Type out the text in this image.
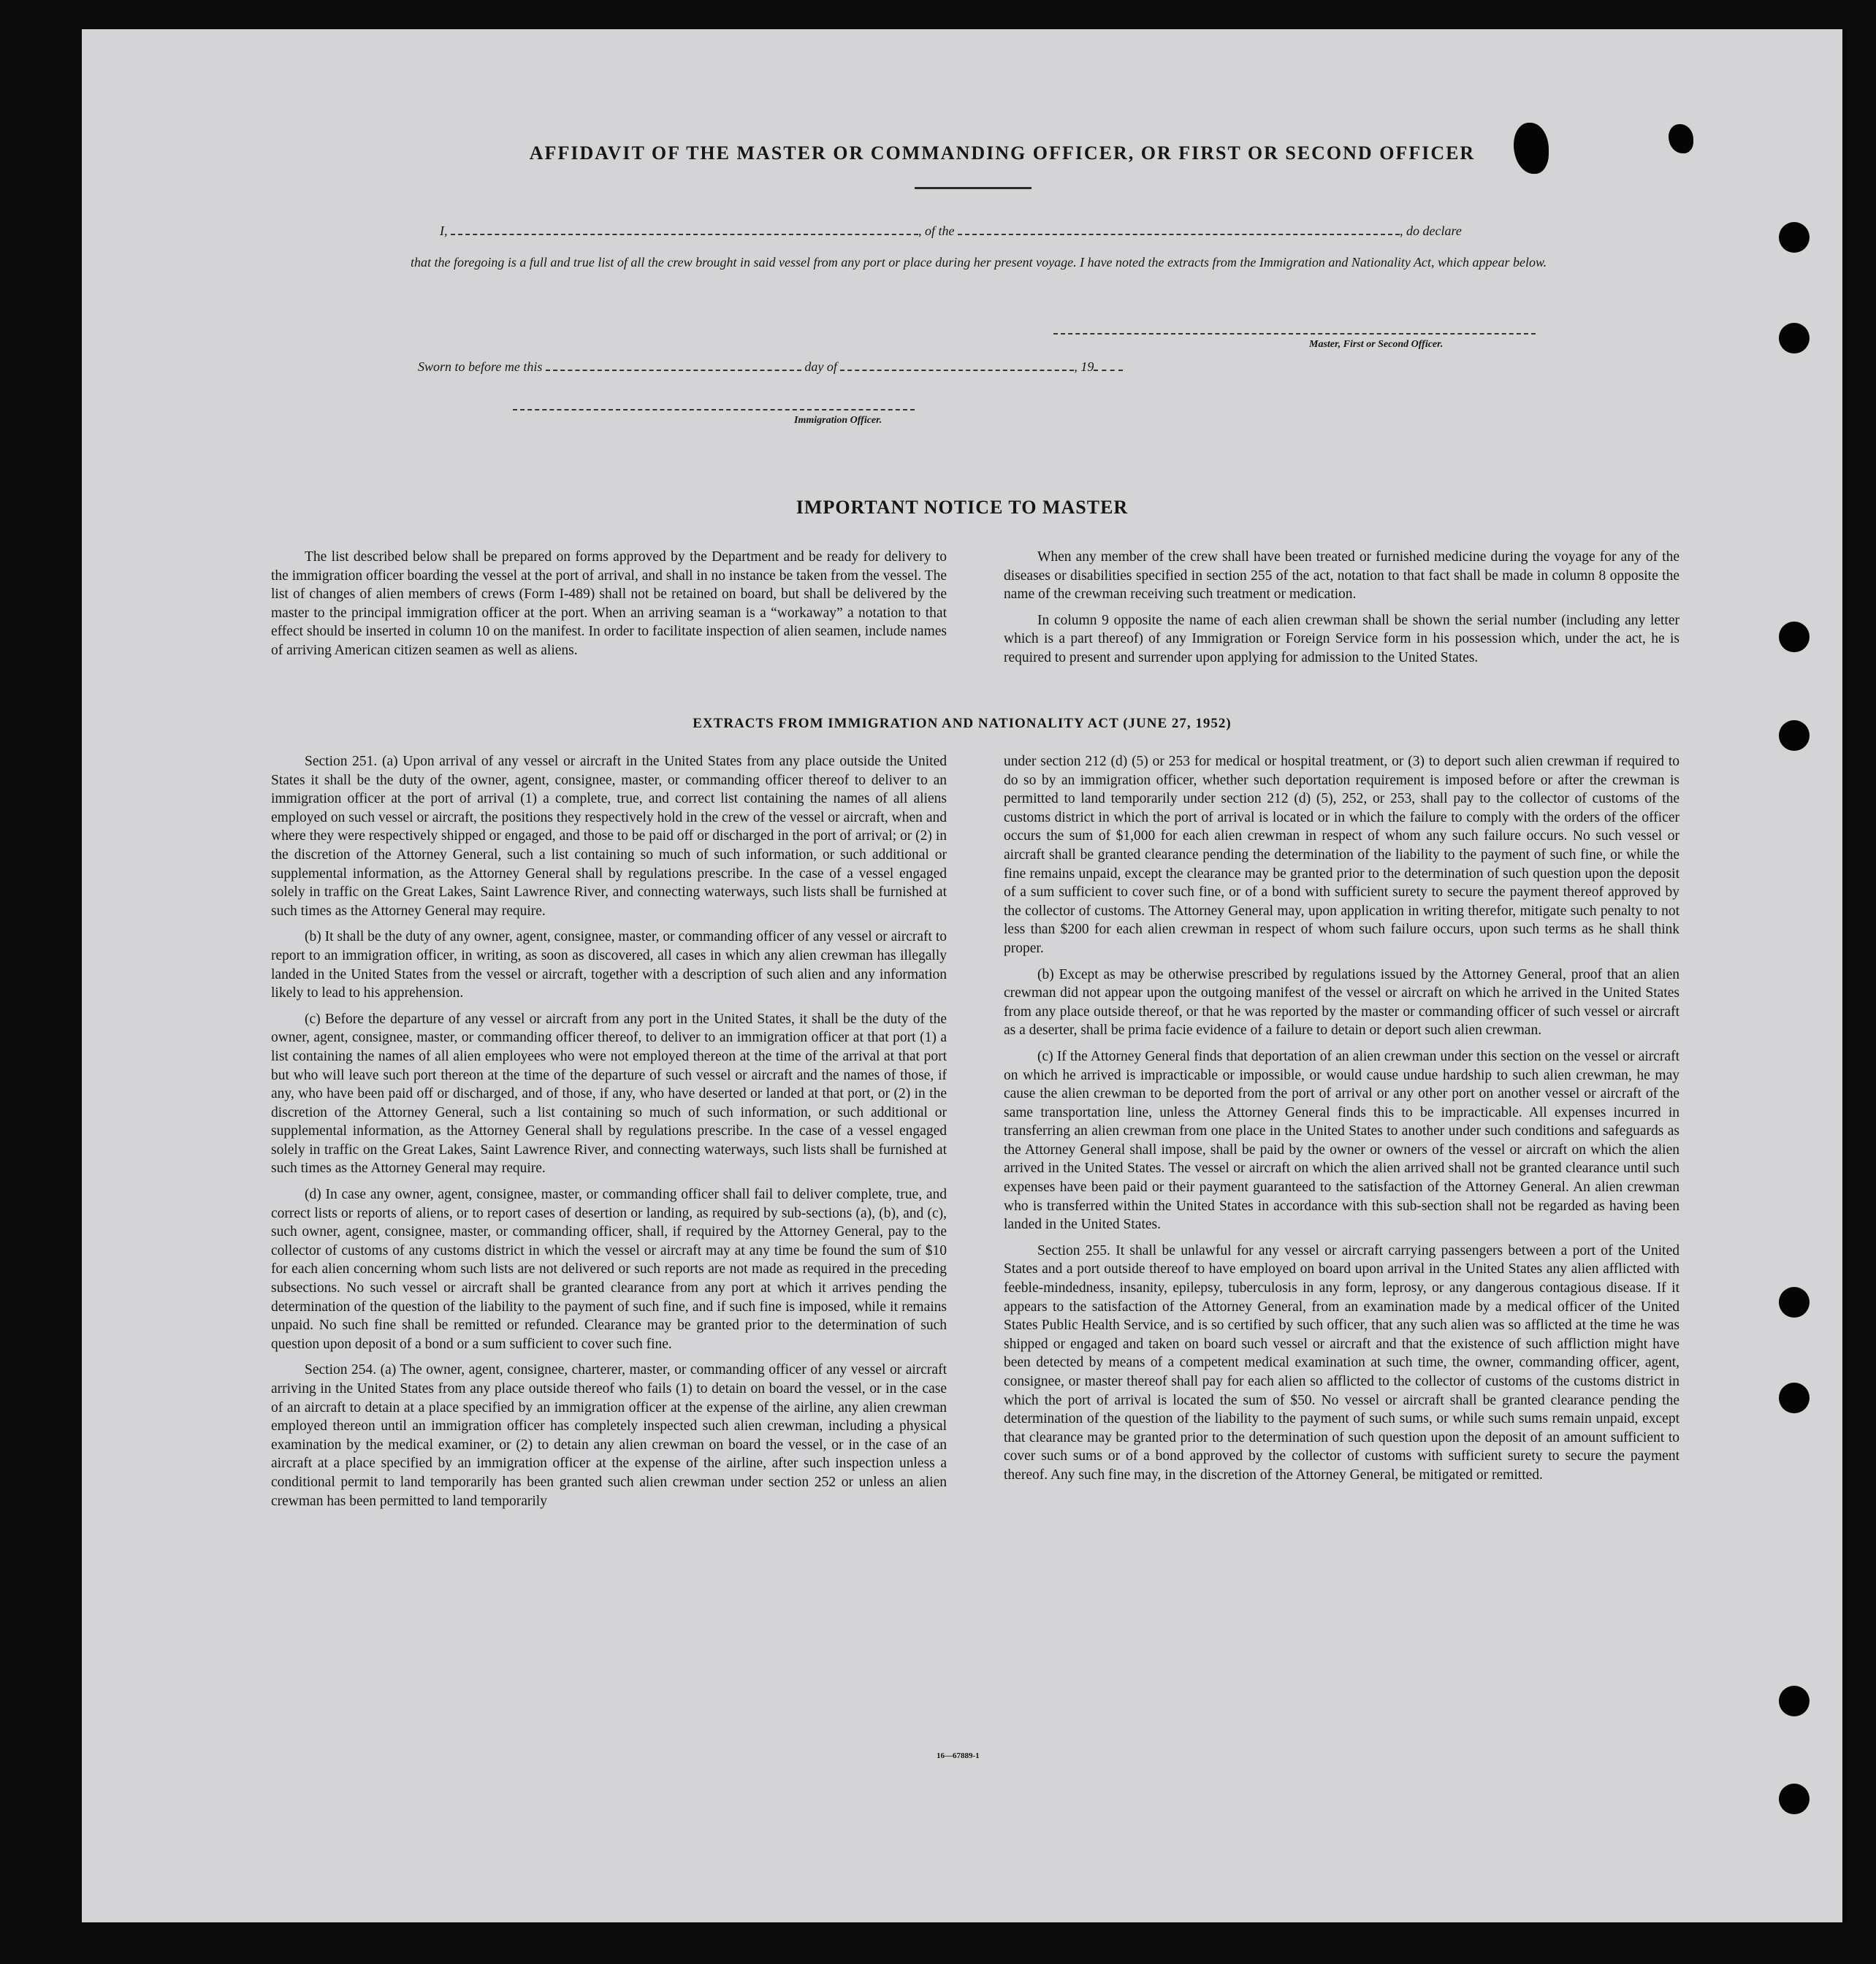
AFFIDAVIT OF THE MASTER OR COMMANDING OFFICER, OR FIRST OR SECOND OFFICER
I,	, of the	, do declare
that the foregoing is a full and true list of all the crew brought in said vessel from any port or place during her present voyage. I have noted the extracts from the Immigration and Nationality Act, which appear below.
Master, First or Second Officer.
Sworn to before me this	day of	, 19
Immigration Officer.
IMPORTANT NOTICE TO MASTER

The list described below shall be prepared on forms approved by the Department and be ready for delivery to the immigration officer boarding the vessel at the port of arrival, and shall in no instance be taken from the vessel. The list of changes of alien members of crews (Form I-489) shall not be retained on board, but shall be delivered by the master to the principal immigration officer at the port. When an arriving seaman is a “workaway” a notation to that effect should be inserted in column 10 on the manifest. In order to facilitate inspection of alien seamen, include names of arriving American citizen seamen as well as aliens.

When any member of the crew shall have been treated or furnished medicine during the voyage for any of the diseases or disabilities specified in section 255 of the act, notation to that fact shall be made in column 8 opposite the name of the crewman receiving such treatment or medication.

In column 9 opposite the name of each alien crewman shall be shown the serial number (including any letter which is a part thereof) of any Immigration or Foreign Service form in his possession which, under the act, he is required to present and surrender upon applying for admission to the United States.

EXTRACTS FROM IMMIGRATION AND NATIONALITY ACT (JUNE 27, 1952)

Section 251. (a) Upon arrival of any vessel or aircraft in the United States from any place outside the United States it shall be the duty of the owner, agent, consignee, master, or commanding officer thereof to deliver to an immigration officer at the port of arrival (1) a complete, true, and correct list containing the names of all aliens employed on such vessel or aircraft, the positions they respectively hold in the crew of the vessel or aircraft, when and where they were respectively shipped or engaged, and those to be paid off or discharged in the port of arrival; or (2) in the discretion of the Attorney General, such a list containing so much of such information, or such additional or supplemental information, as the Attorney General shall by regulations prescribe. In the case of a vessel engaged solely in traffic on the Great Lakes, Saint Lawrence River, and connecting waterways, such lists shall be furnished at such times as the Attorney General may require.

(b) It shall be the duty of any owner, agent, consignee, master, or commanding officer of any vessel or aircraft to report to an immigration officer, in writing, as soon as discovered, all cases in which any alien crewman has illegally landed in the United States from the vessel or aircraft, together with a description of such alien and any information likely to lead to his apprehension.

(c) Before the departure of any vessel or aircraft from any port in the United States, it shall be the duty of the owner, agent, consignee, master, or commanding officer thereof, to deliver to an immigration officer at that port (1) a list containing the names of all alien employees who were not employed thereon at the time of the arrival at that port but who will leave such port thereon at the time of the departure of such vessel or aircraft and the names of those, if any, who have been paid off or discharged, and of those, if any, who have deserted or landed at that port, or (2) in the discretion of the Attorney General, such a list containing so much of such information, or such additional or supplemental information, as the Attorney General shall by regulations prescribe. In the case of a vessel engaged solely in traffic on the Great Lakes, Saint Lawrence River, and connecting waterways, such lists shall be furnished at such times as the Attorney General may require.

(d) In case any owner, agent, consignee, master, or commanding officer shall fail to deliver complete, true, and correct lists or reports of aliens, or to report cases of desertion or landing, as required by sub-sections (a), (b), and (c), such owner, agent, consignee, master, or commanding officer, shall, if required by the Attorney General, pay to the collector of customs of any customs district in which the vessel or aircraft may at any time be found the sum of $10 for each alien concerning whom such lists are not delivered or such reports are not made as required in the preceding subsections. No such vessel or aircraft shall be granted clearance from any port at which it arrives pending the determination of the question of the liability to the payment of such fine, and if such fine is imposed, while it remains unpaid. No such fine shall be remitted or refunded. Clearance may be granted prior to the determination of such question upon deposit of a bond or a sum sufficient to cover such fine.

Section 254. (a) The owner, agent, consignee, charterer, master, or commanding officer of any vessel or aircraft arriving in the United States from any place outside thereof who fails (1) to detain on board the vessel, or in the case of an aircraft to detain at a place specified by an immigration officer at the expense of the airline, any alien crewman employed thereon until an immigration officer has completely inspected such alien crewman, including a physical examination by the medical examiner, or (2) to detain any alien crewman on board the vessel, or in the case of an aircraft at a place specified by an immigration officer at the expense of the airline, after such inspection unless a conditional permit to land temporarily has been granted such alien crewman under section 252 or unless an alien crewman has been permitted to land temporarily

under section 212 (d) (5) or 253 for medical or hospital treatment, or (3) to deport such alien crewman if required to do so by an immigration officer, whether such deportation requirement is imposed before or after the crewman is permitted to land temporarily under section 212 (d) (5), 252, or 253, shall pay to the collector of customs of the customs district in which the port of arrival is located or in which the failure to comply with the orders of the officer occurs the sum of $1,000 for each alien crewman in respect of whom any such failure occurs. No such vessel or aircraft shall be granted clearance pending the determination of the liability to the payment of such fine, or while the fine remains unpaid, except the clearance may be granted prior to the determination of such question upon the deposit of a sum sufficient to cover such fine, or of a bond with sufficient surety to secure the payment thereof approved by the collector of customs. The Attorney General may, upon application in writing therefor, mitigate such penalty to not less than $200 for each alien crewman in respect of whom such failure occurs, upon such terms as he shall think proper.

(b) Except as may be otherwise prescribed by regulations issued by the Attorney General, proof that an alien crewman did not appear upon the outgoing manifest of the vessel or aircraft on which he arrived in the United States from any place outside thereof, or that he was reported by the master or commanding officer of such vessel or aircraft as a deserter, shall be prima facie evidence of a failure to detain or deport such alien crewman.

(c) If the Attorney General finds that deportation of an alien crewman under this section on the vessel or aircraft on which he arrived is impracticable or impossible, or would cause undue hardship to such alien crewman, he may cause the alien crewman to be deported from the port of arrival or any other port on another vessel or aircraft of the same transportation line, unless the Attorney General finds this to be impracticable. All expenses incurred in transferring an alien crewman from one place in the United States to another under such conditions and safeguards as the Attorney General shall impose, shall be paid by the owner or owners of the vessel or aircraft on which the alien arrived in the United States. The vessel or aircraft on which the alien arrived shall not be granted clearance until such expenses have been paid or their payment guaranteed to the satisfaction of the Attorney General. An alien crewman who is transferred within the United States in accordance with this sub-section shall not be regarded as having been landed in the United States.

Section 255. It shall be unlawful for any vessel or aircraft carrying passengers between a port of the United States and a port outside thereof to have employed on board upon arrival in the United States any alien afflicted with feeble-mindedness, insanity, epilepsy, tuberculosis in any form, leprosy, or any dangerous contagious disease. If it appears to the satisfaction of the Attorney General, from an examination made by a medical officer of the United States Public Health Service, and is so certified by such officer, that any such alien was so afflicted at the time he was shipped or engaged and taken on board such vessel or aircraft and that the existence of such affliction might have been detected by means of a competent medical examination at such time, the owner, commanding officer, agent, consignee, or master thereof shall pay for each alien so afflicted to the collector of customs of the customs district in which the port of arrival is located the sum of $50. No vessel or aircraft shall be granted clearance pending the determination of the question of the liability to the payment of such sums, or while such sums remain unpaid, except that clearance may be granted prior to the determination of such question upon the deposit of an amount sufficient to cover such sums or of a bond approved by the collector of customs with sufficient surety to secure the payment thereof. Any such fine may, in the discretion of the Attorney General, be mitigated or remitted.

16—67889-1
